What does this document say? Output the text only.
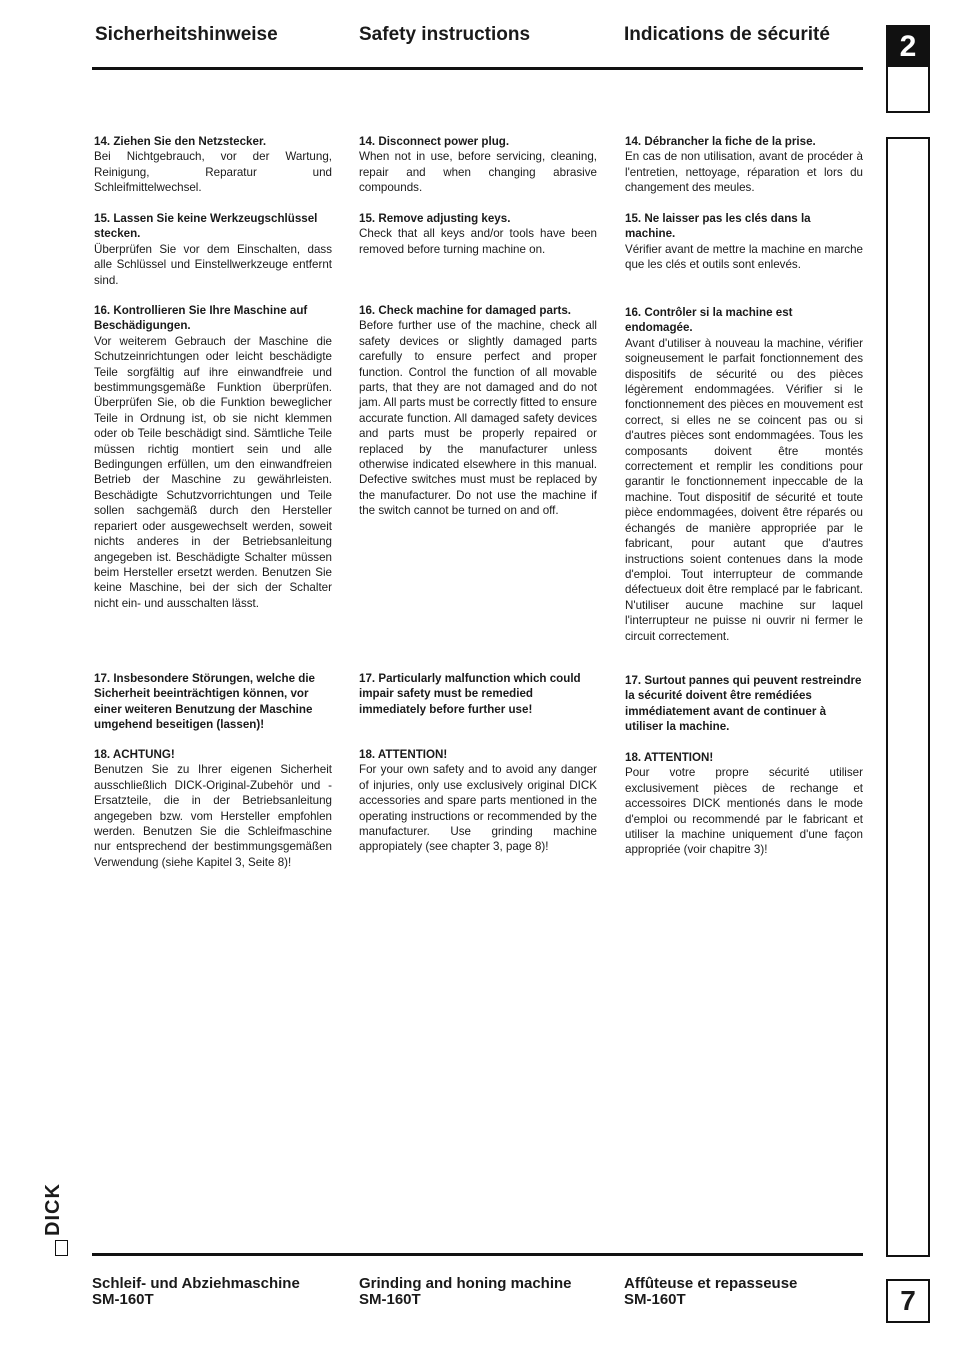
Sicherheitshinweise	Safety instructions	Indications de sécurité	2
14. Ziehen Sie den Netzstecker.
Bei Nichtgebrauch, vor der Wartung, Reinigung, Reparatur und Schleifmittelwechsel.
15. Lassen Sie keine Werkzeugschlüssel stecken.
Überprüfen Sie vor dem Einschalten, dass alle Schlüssel und Einstellwerkzeuge entfernt sind.
16. Kontrollieren Sie Ihre Maschine auf Beschädigungen.
Vor weiterem Gebrauch der Maschine die Schutzeinrichtungen oder leicht beschädigte Teile sorgfältig auf ihre einwandfreie und bestimmungsgemäße Funktion überprüfen. Überprüfen Sie, ob die Funktion beweglicher Teile in Ordnung ist, ob sie nicht klemmen oder ob Teile beschädigt sind. Sämtliche Teile müssen richtig montiert sein und alle Bedingungen erfüllen, um den einwandfreien Betrieb der Maschine zu gewährleisten. Beschädigte Schutzvorrichtungen und Teile sollen sachgemäß durch den Hersteller repariert oder ausgewechselt werden, soweit nichts anderes in der Betriebsanleitung angegeben ist. Beschädigte Schalter müssen beim Hersteller ersetzt werden. Benutzen Sie keine Maschine, bei der sich der Schalter nicht ein- und ausschalten lässt.
17. Insbesondere Störungen, welche die Sicherheit beeinträchtigen können, vor einer weiteren Benutzung der Maschine umgehend beseitigen (lassen)!
18. ACHTUNG!
Benutzen Sie zu Ihrer eigenen Sicherheit ausschließlich DICK-Original-Zubehör und -Ersatzteile, die in der Betriebsanleitung angegeben bzw. vom Hersteller empfohlen werden. Benutzen Sie die Schleifmaschine nur entsprechend der bestimmungsgemäßen Verwendung (siehe Kapitel 3, Seite 8)!
14. Disconnect power plug.
When not in use, before servicing, cleaning, repair and when changing abrasive compounds.
15. Remove adjusting keys.
Check that all keys and/or tools have been removed before turning machine on.
16. Check machine for damaged parts.
Before further use of the machine, check all safety devices or slightly damaged parts carefully to ensure perfect and proper function. Control the function of all movable parts, that they are not damaged and do not jam. All parts must be correctly fitted to ensure accurate function. All damaged safety devices and parts must be properly repaired or replaced by the manufacturer unless otherwise indicated elsewhere in this manual. Defective switches must must be replaced by the manufacturer. Do not use the machine if the switch cannot be turned on and off.
17. Particularly malfunction which could impair safety must be remedied immediately before further use!
18. ATTENTION!
For your own safety and to avoid any danger of injuries, only use exclusively original DICK accessories and spare parts mentioned in the operating instructions or recommended by the manufacturer. Use grinding machine appropiately (see chapter 3, page 8)!
14. Débrancher la fiche de la prise.
En cas de non utilisation, avant de procéder à l'entretien, nettoyage, réparation et lors du changement des meules.
15. Ne laisser pas les clés dans la machine.
Vérifier avant de mettre la machine en marche que les clés et outils sont enlevés.
16. Contrôler si la machine est endomagée.
Avant d'utiliser à nouveau la machine, vérifier soigneusement le parfait fonctionnement des dispositifs de sécurité ou des pièces légèrement endommagées. Vérifier si le fonctionnement des pièces en mouvement est correct, si elles ne se coincent pas ou si d'autres pièces sont endommagées. Tous les composants doivent être montés correctement et remplir les conditions pour garantir le fonctionnement inpeccable de la machine. Tout dispositif de sécurité et toute pièce endommagées, doivent être réparés ou échangés de manière appropriée par le fabricant, pour autant que d'autres instructions soient contenues dans la mode d'emploi. Tout interrupteur de commande défectueux doit être remplacé par le fabricant. N'utiliser aucune machine sur laquel l'interrupteur ne puisse ni ouvrir ni fermer le circuit correctement.
17. Surtout pannes qui peuvent restreindre la sécurité doivent être remédiées immédiatement avant de continuer à utiliser la machine.
18. ATTENTION!
Pour votre propre sécurité utiliser exclusivement pièces de rechange et accessoires DICK mentionés dans le mode d'emploi ou recommendé par le fabricant et utiliser la machine uniquement d'une façon appropriée (voir chapitre 3)!
DICK
Schleif- und Abziehmaschine
SM-160T
Grinding and honing machine
SM-160T
Affûteuse et repasseuse
SM-160T	7
